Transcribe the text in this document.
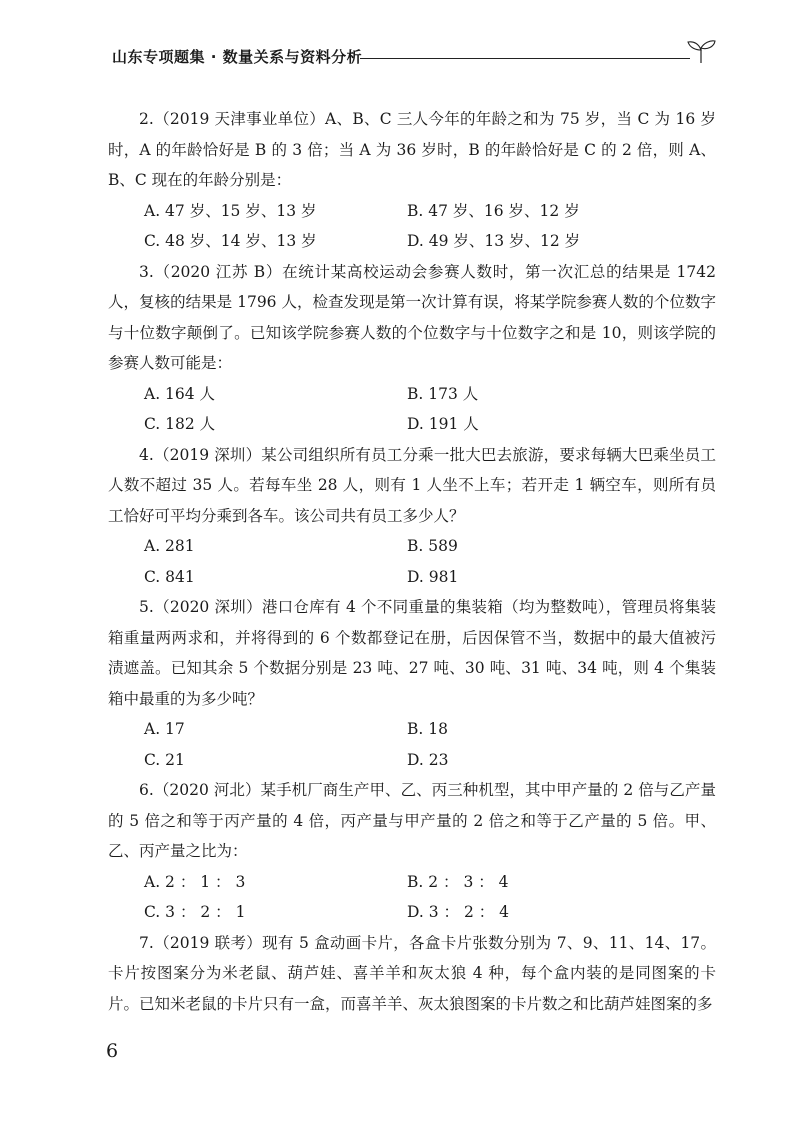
山东专项题集 · 数量关系与资料分析

2.（2019 天津事业单位）A、B、C 三人今年的年龄之和为 75 岁，当 C 为 16 岁时，A 的年龄恰好是 B 的 3 倍；当 A 为 36 岁时，B 的年龄恰好是 C 的 2 倍，则 A、B、C 现在的年龄分别是：

A. 47 岁、15 岁、13 岁	B. 47 岁、16 岁、12 岁
C. 48 岁、14 岁、13 岁	D. 49 岁、13 岁、12 岁

3.（2020 江苏 B）在统计某高校运动会参赛人数时，第一次汇总的结果是 1742 人，复核的结果是 1796 人，检查发现是第一次计算有误，将某学院参赛人数的个位数字与十位数字颠倒了。已知该学院参赛人数的个位数字与十位数字之和是 10，则该学院的参赛人数可能是：

A. 164 人	B. 173 人
C. 182 人	D. 191 人

4.（2019 深圳）某公司组织所有员工分乘一批大巴去旅游，要求每辆大巴乘坐员工人数不超过 35 人。若每车坐 28 人，则有 1 人坐不上车；若开走 1 辆空车，则所有员工恰好可平均分乘到各车。该公司共有员工多少人？

A. 281	B. 589
C. 841	D. 981

5.（2020 深圳）港口仓库有 4 个不同重量的集装箱（均为整数吨），管理员将集装箱重量两两求和，并将得到的 6 个数都登记在册，后因保管不当，数据中的最大值被污渍遮盖。已知其余 5 个数据分别是 23 吨、27 吨、30 吨、31 吨、34 吨，则 4 个集装箱中最重的为多少吨？

A. 17	B. 18
C. 21	D. 23

6.（2020 河北）某手机厂商生产甲、乙、丙三种机型，其中甲产量的 2 倍与乙产量的 5 倍之和等于丙产量的 4 倍，丙产量与甲产量的 2 倍之和等于乙产量的 5 倍。甲、乙、丙产量之比为：

A. 2 ： 1 ： 3	B. 2 ： 3 ： 4
C. 3 ： 2 ： 1	D. 3 ： 2 ： 4

7.（2019 联考）现有 5 盒动画卡片，各盒卡片张数分别为 7、9、11、14、17。卡片按图案分为米老鼠、葫芦娃、喜羊羊和灰太狼 4 种，每个盒内装的是同图案的卡片。已知米老鼠的卡片只有一盒，而喜羊羊、灰太狼图案的卡片数之和比葫芦娃图案的多

6
